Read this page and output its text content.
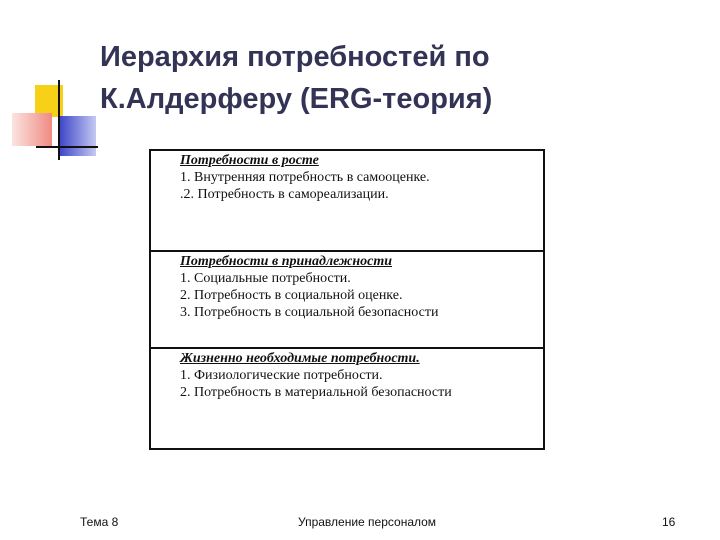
Иерархия потребностей по
К.Алдерферу (ERG-теория)
Потребности в росте
1. Внутренняя потребность в самооценке.
.2. Потребность в самореализации.
Потребности в принадлежности
1. Социальные потребности.
2. Потребность в социальной оценке.
3. Потребность в социальной безопасности
Жизненно необходимые потребности.
1. Физиологические потребности.
2. Потребность в материальной безопасности
Тема 8	Управление персоналом	16
